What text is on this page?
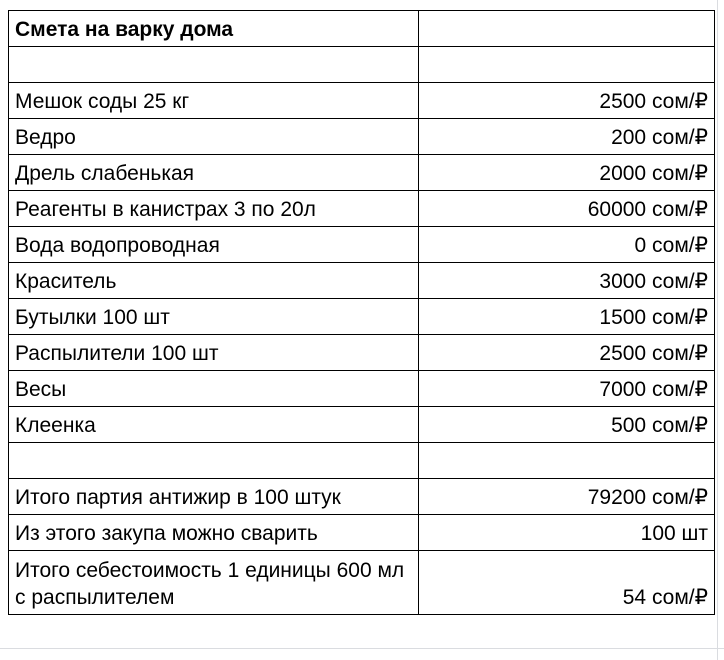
Смета на варку дома	

Мешок соды 25 кг	2500 сом/₽
Ведро	200 сом/₽
Дрель слабенькая	2000 сом/₽
Реагенты в канистрах 3 по 20л	60000 сом/₽
Вода водопроводная	0 сом/₽
Краситель	3000 сом/₽
Бутылки 100 шт	1500 сом/₽
Распылители 100 шт	2500 сом/₽
Весы	7000 сом/₽
Клеенка	500 сом/₽

Итого партия антижир в 100 штук	79200 сом/₽
Из этого закупа можно сварить	100 шт
Итого себестоимость 1 единицы 600 мл с распылителем	54 сом/₽
